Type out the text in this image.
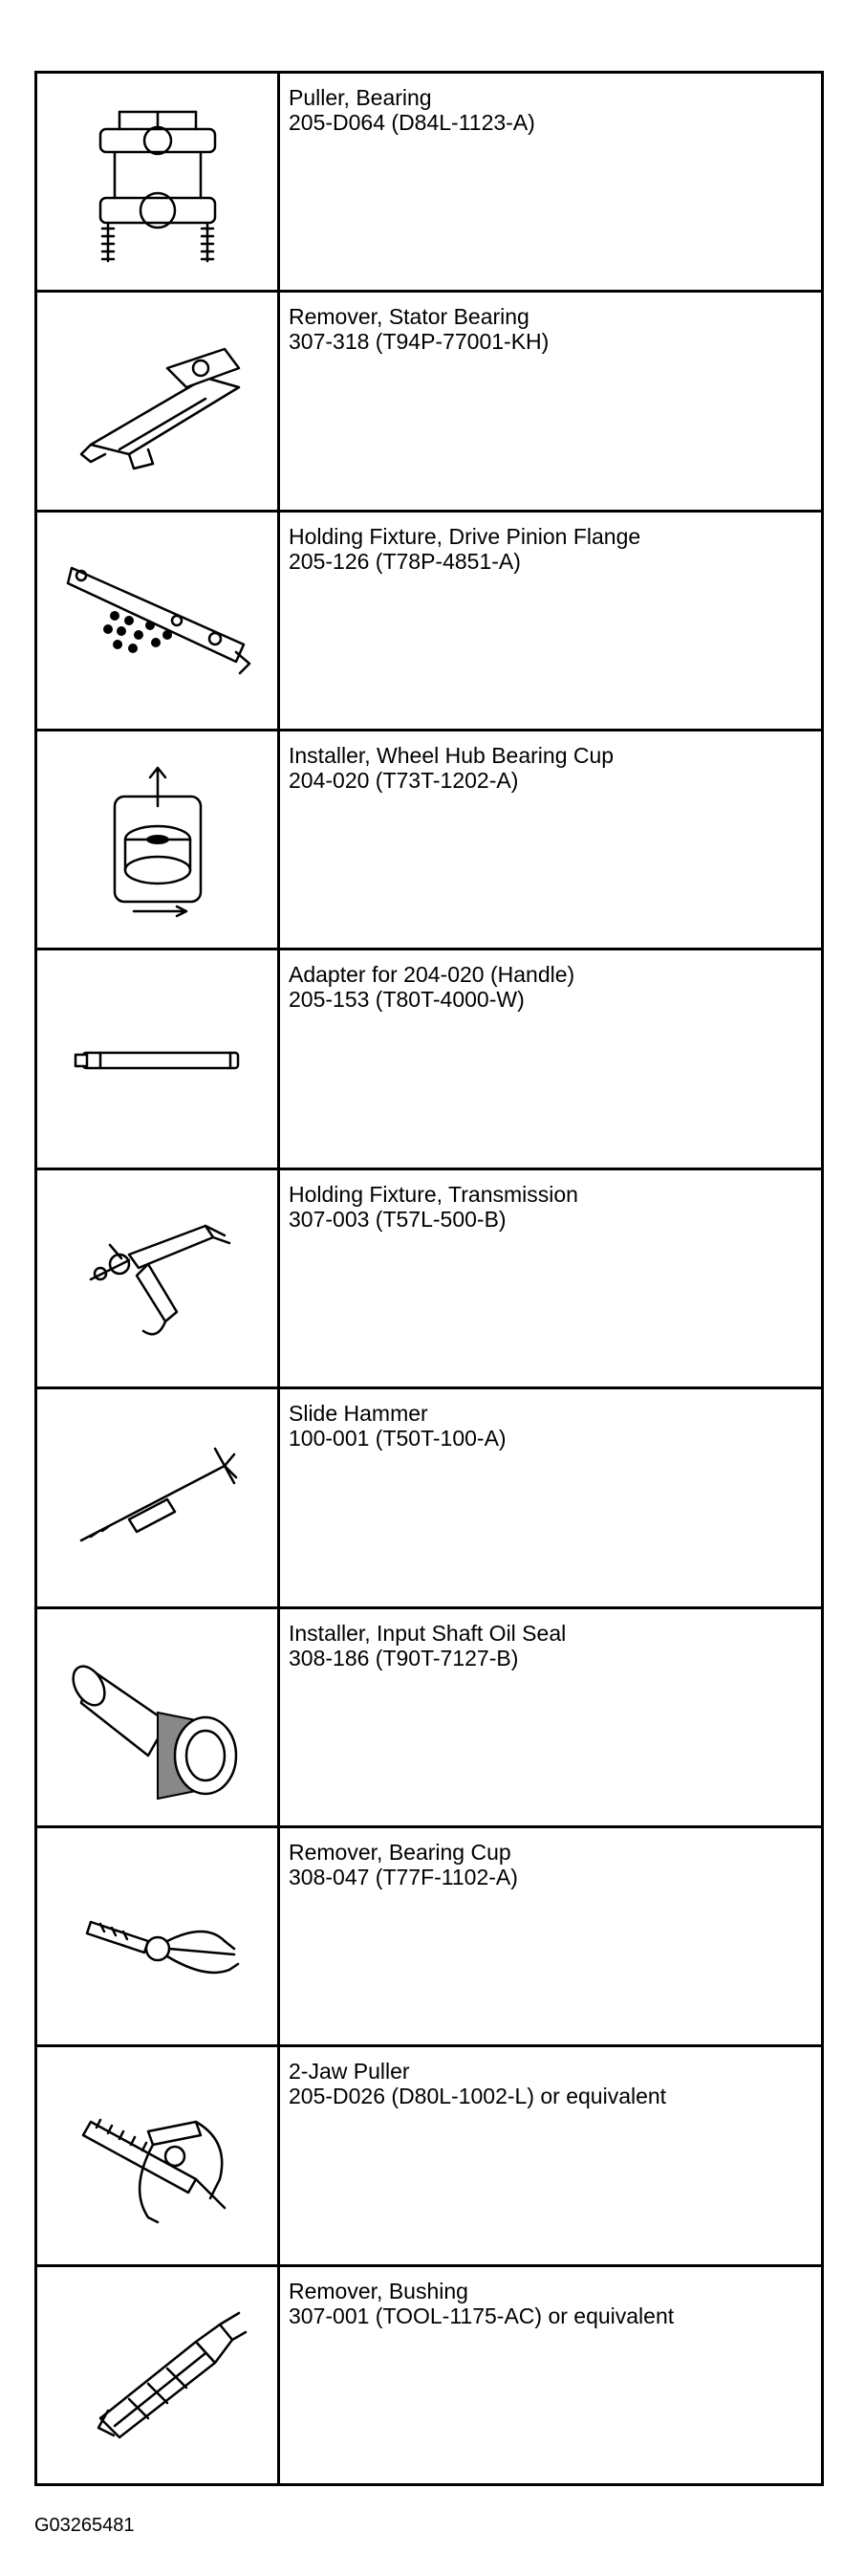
Puller, Bearing
205-D064 (D84L-1123-A)
Remover, Stator Bearing
307-318 (T94P-77001-KH)
Holding Fixture, Drive Pinion Flange
205-126 (T78P-4851-A)
Installer, Wheel Hub Bearing Cup
204-020 (T73T-1202-A)
Adapter for 204-020 (Handle)
205-153 (T80T-4000-W)
Holding Fixture, Transmission
307-003 (T57L-500-B)
Slide Hammer
100-001 (T50T-100-A)
Installer, Input Shaft Oil Seal
308-186 (T90T-7127-B)
Remover, Bearing Cup
308-047 (T77F-1102-A)
2-Jaw Puller
205-D026 (D80L-1002-L) or equivalent
Remover, Bushing
307-001 (TOOL-1175-AC) or equivalent
G03265481
